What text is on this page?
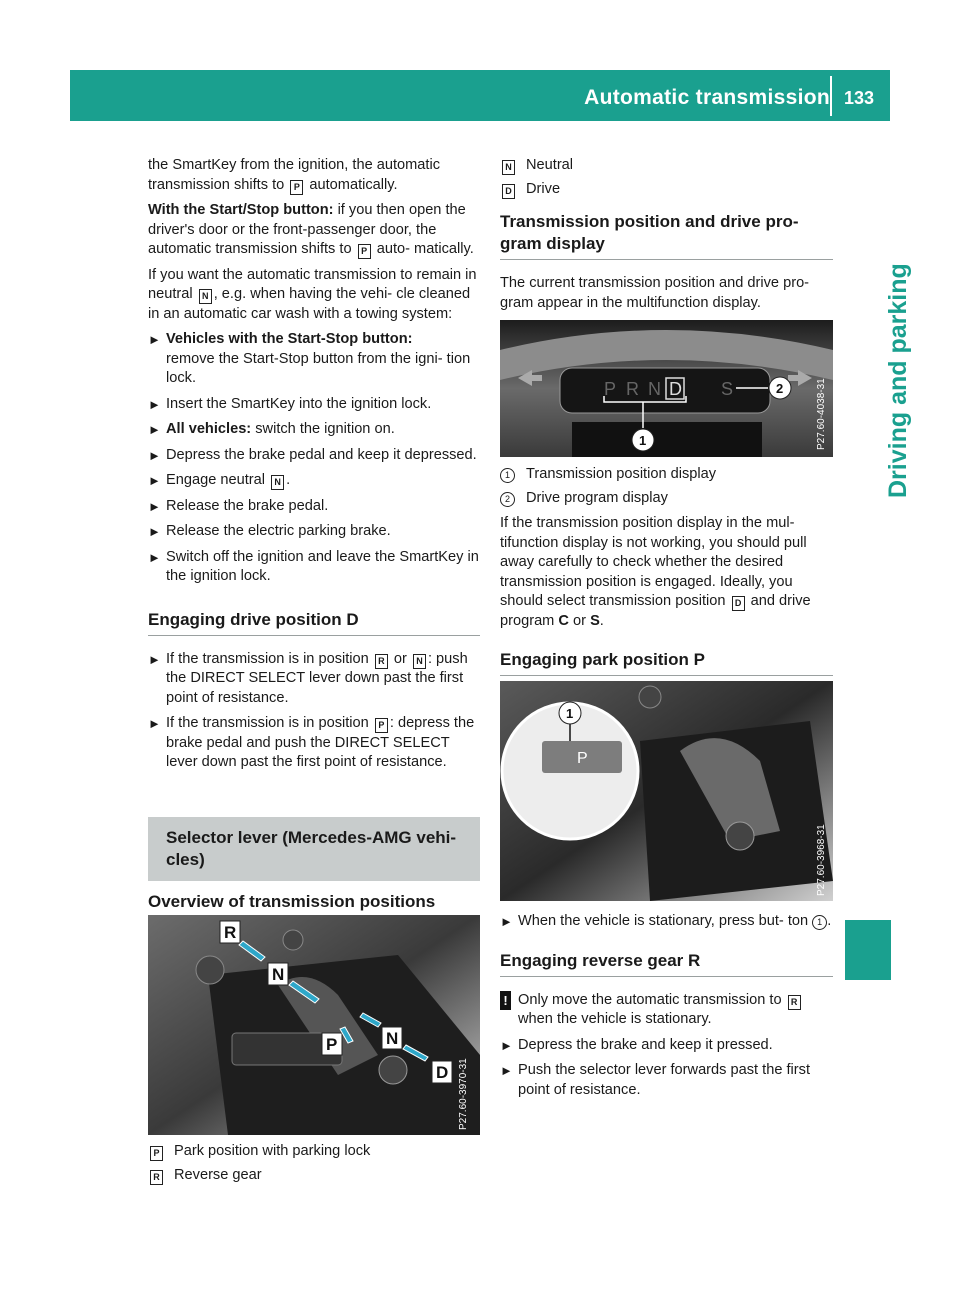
Automatic transmission 133
Driving and parking

the SmartKey from the ignition, the automatic transmission shifts to P automatically.

With the Start/Stop button: if you then open the driver's door or the front-passenger door, the automatic transmission shifts to P auto- matically.

If you want the automatic transmission to remain in neutral N , e.g. when having the vehi- cle cleaned in an automatic car wash with a towing system:

► Vehicles with the Start-Stop button:
remove the Start-Stop button from the igni- tion lock.
► Insert the SmartKey into the ignition lock.
► All vehicles: switch the ignition on.
► Depress the brake pedal and keep it depressed.
► Engage neutral N .
► Release the brake pedal.
► Release the electric parking brake.
► Switch off the ignition and leave the SmartKey in the ignition lock.
Engaging drive position D
► If the transmission is in position R or N : push the DIRECT SELECT lever down past the first point of resistance.
► If the transmission is in position P : depress the brake pedal and push the DIRECT SELECT lever down past the first point of resistance.
Selector lever (Mercedes-AMG vehi- cles)
Overview of transmission positions
R
N
P	N
D P27.60-3970-31
P Park position with parking lock
R Reverse gear
N Neutral
D Drive
Transmission position and drive pro- gram display

The current transmission position and drive pro- gram appear in the multifunction display.

P R N	S
D
1
2	P27.60-4038-31
1	Transmission position display
2	Drive program display

If the transmission position display in the mul- tifunction display is not working, you should pull away carefully to check whether the desired transmission position is engaged. Ideally, you should select transmission position D and drive program C or S.

Engaging park position P
P
1
P27.60-3968-31
► When the vehicle is stationary, press but- ton 1 .
Engaging reverse gear R
! Only move the automatic transmission to R when the vehicle is stationary.
► Depress the brake and keep it pressed.
► Push the selector lever forwards past the first point of resistance.
